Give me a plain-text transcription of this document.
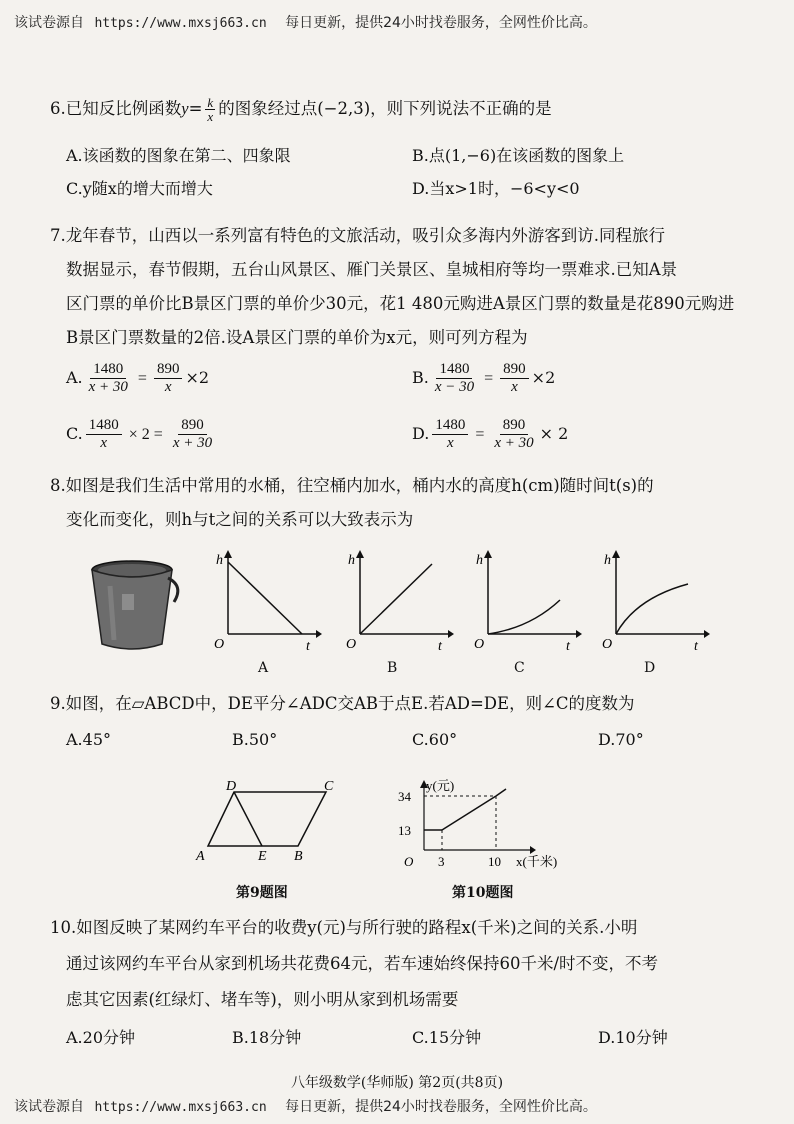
该试卷源自 https://www.mxsj663.cn 每日更新，提供24小时找卷服务，全网性价比高。
6.已知反比例函数$y= \frac{k}{x}$ 的图象经过点(−2,3)，则下列说法不正确的是
A.该函数的图象在第二、四象限	B.点(1,−6)在该函数的图象上
C.y随x的增大而增大	D.当x>1时，−6<y<0
7.龙年春节，山西以一系列富有特色的文旅活动，吸引众多海内外游客到访.同程旅行
数据显示，春节假期，五台山风景区、雁门关景区、皇城相府等均一票难求.已知A景
区门票的单价比B景区门票的单价少30元，花1 480元购进A景区门票的数量是花890元购进
B景区门票数量的2倍.设A景区门票的单价为x元，则可列方程为
A. $\frac{1480}{x + 30} = \frac{890}{x} \times 2$	B. $\frac{1480}{x - 30} = \frac{890}{x} \times 2$
C. $\frac{1480}{x} \times 2 = \frac{890}{x + 30}$	D. $\frac{1480}{x} = \frac{890}{x + 30} \times 2$
8.如图是我们生活中常用的水桶，往空桶内加水，桶内水的高度h(cm)随时间t(s)的
变化而变化，则h与t之间的关系可以大致表示为
h
O	t
h
O	t
h
O	t
h
O	t
A	B	C	D
9.如图，在▱ABCD中，DE平分∠ADC交AB于点E.若AD=DE，则∠C的度数为
A.45°	B.50°	C.60°	D.70°
A
D	C
B
E
第9题图
y(元)
34
13
O 3	10 x(千米)
第10题图
10.如图反映了某网约车平台的收费y(元)与所行驶的路程x(千米)之间的关系.小明
通过该网约车平台从家到机场共花费64元，若车速始终保持60千米/时不变，不考
虑其它因素(红绿灯、堵车等)，则小明从家到机场需要
A.20分钟	B.18分钟	C.15分钟	D.10分钟
八年级数学(华师版) 第2页(共8页)
该试卷源自 https://www.mxsj663.cn 每日更新，提供24小时找卷服务，全网性价比高。
